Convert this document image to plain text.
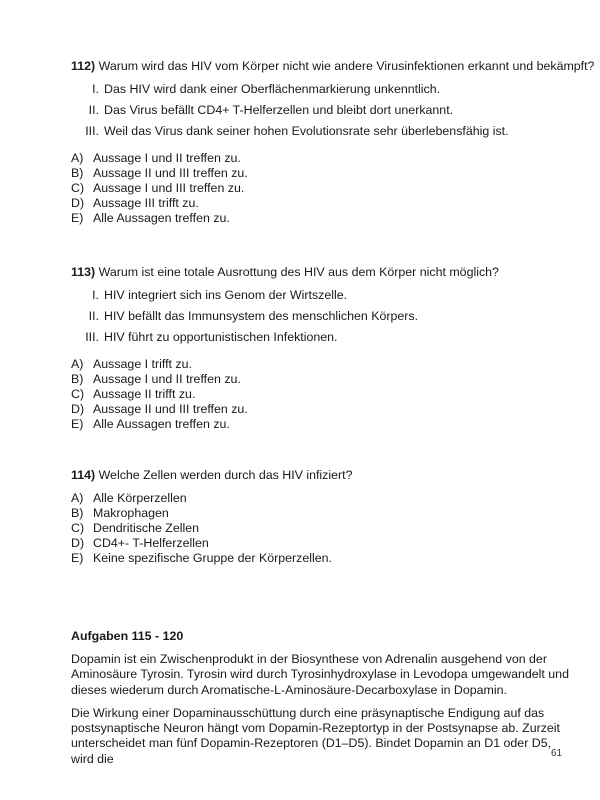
112) Warum wird das HIV vom Körper nicht wie andere Virusinfektionen erkannt und bekämpft?
I. Das HIV wird dank einer Oberflächenmarkierung unkenntlich.
II. Das Virus befällt CD4+ T-Helferzellen und bleibt dort unerkannt.
III. Weil das Virus dank seiner hohen Evolutionsrate sehr überlebensfähig ist.
A) Aussage I und II treffen zu.
B) Aussage II und III treffen zu.
C) Aussage I und III treffen zu.
D) Aussage III trifft zu.
E) Alle Aussagen treffen zu.
113) Warum ist eine totale Ausrottung des HIV aus dem Körper nicht möglich?
I. HIV integriert sich ins Genom der Wirtszelle.
II. HIV befällt das Immunsystem des menschlichen Körpers.
III. HIV führt zu opportunistischen Infektionen.
A) Aussage I trifft zu.
B) Aussage I und II treffen zu.
C) Aussage II trifft zu.
D) Aussage II und III treffen zu.
E) Alle Aussagen treffen zu.
114) Welche Zellen werden durch das HIV infiziert?
A) Alle Körperzellen
B) Makrophagen
C) Dendritische Zellen
D) CD4+- T-Helferzellen
E) Keine spezifische Gruppe der Körperzellen.
Aufgaben 115 - 120
Dopamin ist ein Zwischenprodukt in der Biosynthese von Adrenalin ausgehend von der Aminosäure Tyrosin. Tyrosin wird durch Tyrosinhydroxylase in Levodopa umgewandelt und dieses wiederum durch Aromatische-L-Aminosäure-Decarboxylase in Dopamin.
Die Wirkung einer Dopaminausschüttung durch eine präsynaptische Endigung auf das postsynaptische Neuron hängt vom Dopamin-Rezeptortyp in der Postsynapse ab. Zurzeit unterscheidet man fünf Dopamin-Rezeptoren (D1–D5). Bindet Dopamin an D1 oder D5, wird die	61
